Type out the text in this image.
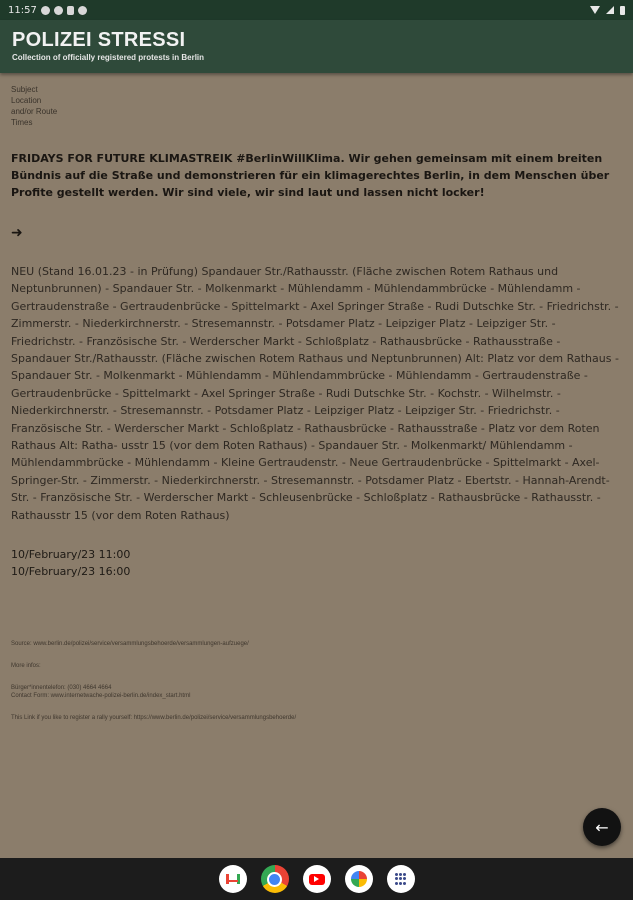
11:57
POLIZEI STRESSI
Collection of officially registered protests in Berlin
Subject
Location
and/or Route
Times
FRIDAYS FOR FUTURE KLIMASTREIK #BerlinWillKlima. Wir gehen gemeinsam mit einem breiten Bündnis auf die Straße und demonstrieren für ein klimagerechtes Berlin, in dem Menschen über Profite gestellt werden. Wir sind viele, wir sind laut und lassen nicht locker!
➜
NEU (Stand 16.01.23 - in Prüfung) Spandauer Str./Rathausstr. (Fläche zwischen Rotem Rathaus und Neptunbrunnen) - Spandauer Str. - Molkenmarkt - Mühlendamm - Mühlendammbrücke - Mühlendamm - Gertraudenstraße - Gertraudenbrücke - Spittelmarkt - Axel Springer Straße - Rudi Dutschke Str. - Friedrichstr. - Zimmerstr. - Niederkirchnerstr. - Stresemannstr. - Potsdamer Platz - Leipziger Platz - Leipziger Str. - Friedrichstr. - Französische Str. - Werderscher Markt - Schloßplatz - Rathausbrücke - Rathausstraße - Spandauer Str./Rathausstr. (Fläche zwischen Rotem Rathaus und Neptunbrunnen) Alt: Platz vor dem Rathaus - Spandauer Str. - Molkenmarkt - Mühlendamm - Mühlendammbrücke - Mühlendamm - Gertraudenstraße - Gertraudenbrücke - Spittelmarkt - Axel Springer Straße - Rudi Dutschke Str. - Kochstr. - Wilhelmstr. - Niederkirchnerstr. - Stresemannstr. - Potsdamer Platz - Leipziger Platz - Leipziger Str. - Friedrichstr. - Französische Str. - Werderscher Markt - Schloßplatz - Rathausbrücke - Rathausstraße - Platz vor dem Roten Rathaus Alt: Ratha- usstr 15 (vor dem Roten Rathaus) - Spandauer Str. - Molkenmarkt/ Mühlendamm - Mühlendammbrücke - Mühlendamm - Kleine Gertraudenstr. - Neue Gertraudenbrücke - Spittelmarkt - Axel-Springer-Str. - Zimmerstr. - Niederkirchnerstr. - Stresemannstr. - Potsdamer Platz - Ebertstr. - Hannah-Arendt-Str. - Französische Str. - Werderscher Markt - Schleusenbrücke - Schloßplatz - Rathausbrücke - Rathausstr. - Rathausstr 15 (vor dem Roten Rathaus)
10/February/23 11:00
10/February/23 16:00
Source: www.berlin.de/polizei/service/versammlungsbehoerde/versammlungen-aufzuege/
More infos:
Bürger*innentelefon: (030) 4664 4664
Contact Form: www.internetwache-polizei-berlin.de/index_start.html
This Link if you like to register a rally yourself: https://www.berlin.de/polizei/service/versammlungsbehoerde/
←
